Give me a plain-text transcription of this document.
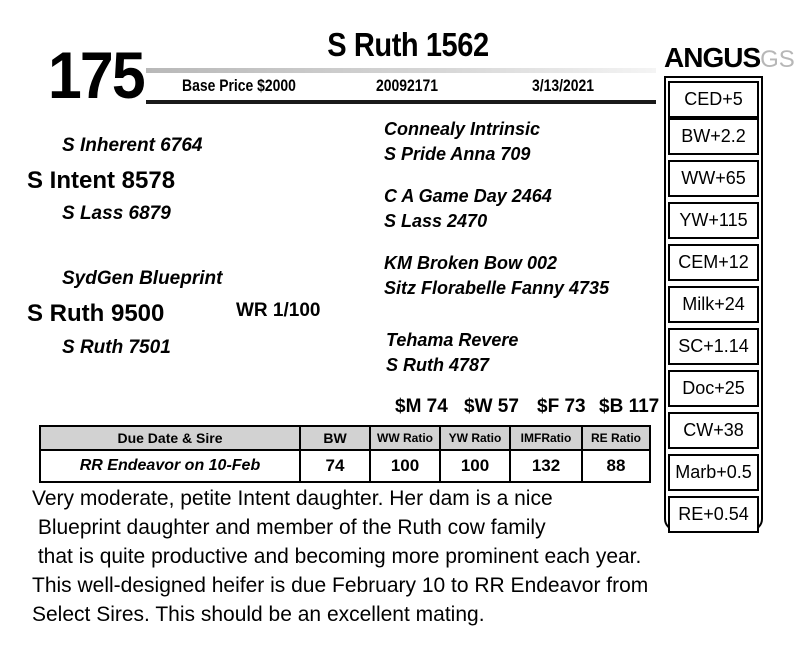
175	S Ruth 1562
Base Price $2000	20092171	3/13/2021
ANGUSGS
CED+5
BW+2.2
WW+65
YW+115
CEM+12
Milk+24
SC+1.14
Doc+25
CW+38
Marb+0.5
RE+0.54
S Inherent 6764
S Intent 8578
S Lass 6879
SydGen Blueprint
S Ruth 9500	WR 1/100
S Ruth 7501
Connealy Intrinsic
S Pride Anna 709
C A Game Day 2464
S Lass 2470
KM Broken Bow 002
Sitz Florabelle Fanny 4735
Tehama Revere
S Ruth 4787
$M 74 $W 57 $F 73 $B 117
Due Date & Sire	BW	WW Ratio	YW Ratio	IMFRatio	RE Ratio
RR Endeavor on 10-Feb	74	100	100	132	88
Very moderate, petite Intent daughter. Her dam is a nice
Blueprint daughter and member of the Ruth cow family
that is quite productive and becoming more prominent each year.
This well-designed heifer is due February 10 to RR Endeavor from
Select Sires. This should be an excellent mating.
